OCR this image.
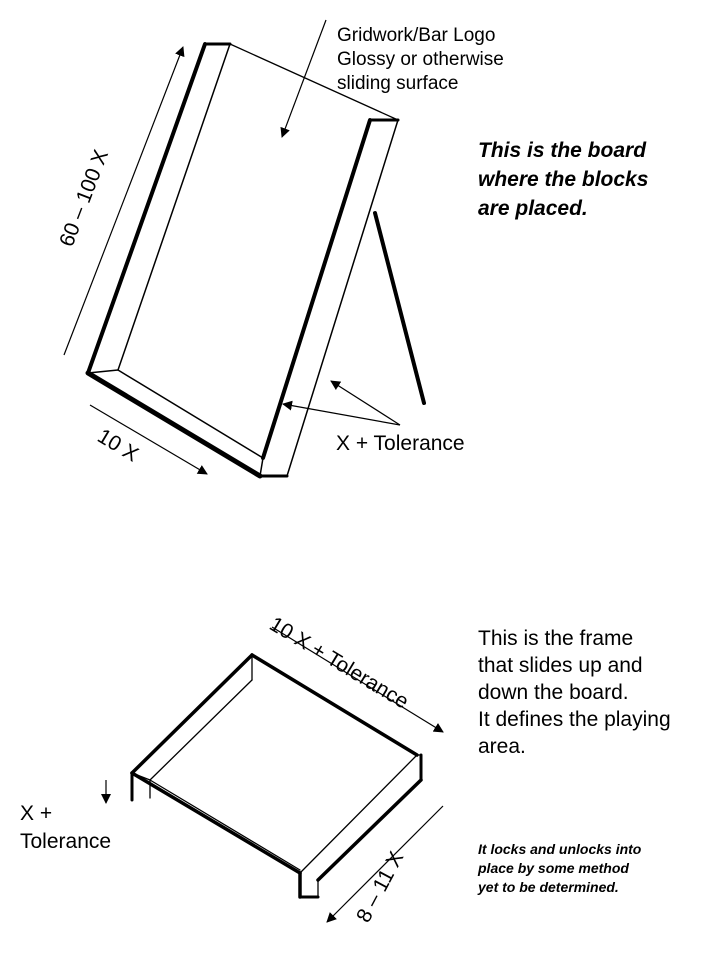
60 – 100 X
10 X
10 X + Tolerance
8 – 11 X
Gridwork/Bar Logo
Glossy or otherwise
sliding surface
This is the board
where the blocks
are placed.
X + Tolerance
This is the frame
that slides up and
down the board.
It defines the playing
area.
It locks and unlocks into
place by some method
yet to be determined.
X +
Tolerance
